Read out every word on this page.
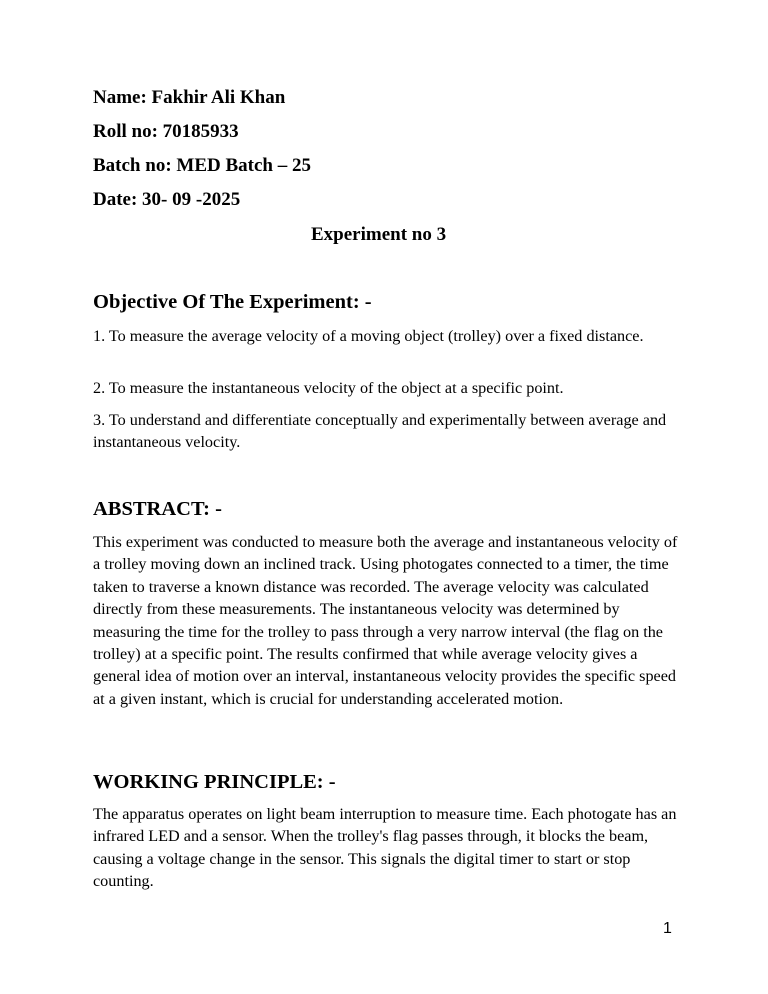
Name: Fakhir Ali Khan
Roll no: 70185933
Batch no: MED Batch – 25
Date: 30- 09 -2025
Experiment no 3
Objective Of The Experiment: -
1. To measure the average velocity of a moving object (trolley) over a fixed distance.
2. To measure the instantaneous velocity of the object at a specific point.
3. To understand and differentiate conceptually and experimentally between average and instantaneous velocity.
ABSTRACT: -
This experiment was conducted to measure both the average and instantaneous velocity of a trolley moving down an inclined track. Using photogates connected to a timer, the time taken to traverse a known distance was recorded. The average velocity was calculated directly from these measurements. The instantaneous velocity was determined by measuring the time for the trolley to pass through a very narrow interval (the flag on the trolley) at a specific point. The results confirmed that while average velocity gives a general idea of motion over an interval, instantaneous velocity provides the specific speed at a given instant, which is crucial for understanding accelerated motion.
WORKING PRINCIPLE: -
The apparatus operates on light beam interruption to measure time. Each photogate has an infrared LED and a sensor. When the trolley's flag passes through, it blocks the beam, causing a voltage change in the sensor. This signals the digital timer to start or stop counting.
1
